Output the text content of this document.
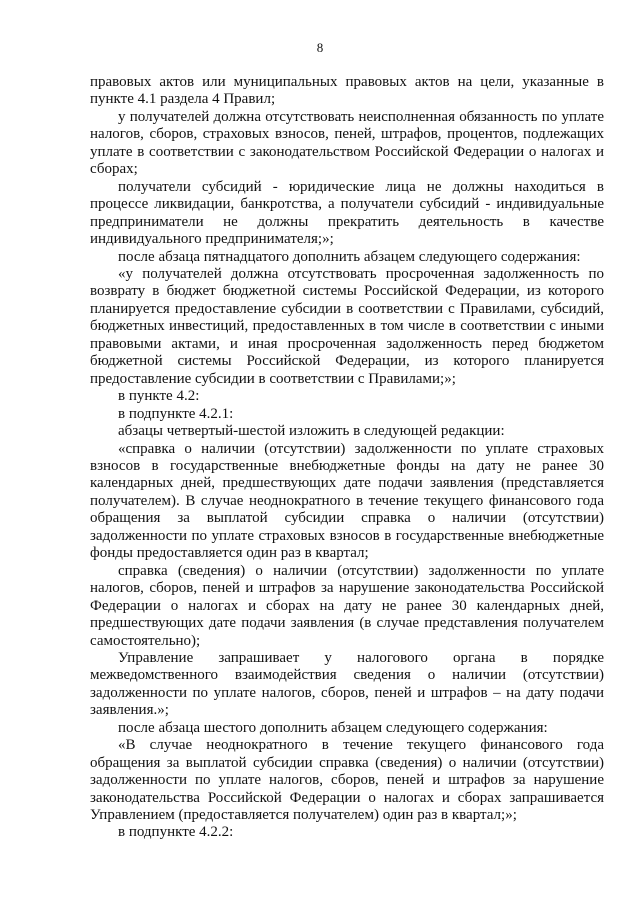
8

правовых актов или муниципальных правовых актов на цели, указанные в пункте 4.1 раздела 4 Правил;

у получателей должна отсутствовать неисполненная обязанность по уплате налогов, сборов, страховых взносов, пеней, штрафов, процентов, подлежащих уплате в соответствии с законодательством Российской Федерации о налогах и сборах;

получатели субсидий - юридические лица не должны находиться в процессе ликвидации, банкротства, а получатели субсидий - индивидуальные предприниматели не должны прекратить деятельность в качестве индивидуального предпринимателя;»;

после абзаца пятнадцатого дополнить абзацем следующего содержания:

«у получателей должна отсутствовать просроченная задолженность по возврату в бюджет бюджетной системы Российской Федерации, из которого планируется предоставление субсидии в соответствии с Правилами, субсидий, бюджетных инвестиций, предоставленных в том числе в соответствии с иными правовыми актами, и иная просроченная задолженность перед бюджетом бюджетной системы Российской Федерации, из которого планируется предоставление субсидии в соответствии с Правилами;»;

в пункте 4.2:

в подпункте 4.2.1:

абзацы четвертый-шестой изложить в следующей редакции:

«справка о наличии (отсутствии) задолженности по уплате страховых взносов в государственные внебюджетные фонды на дату не ранее 30 календарных дней, предшествующих дате подачи заявления (представляется получателем). В случае неоднократного в течение текущего финансового года обращения за выплатой субсидии справка о наличии (отсутствии) задолженности по уплате страховых взносов в государственные внебюджетные фонды предоставляется один раз в квартал;

справка (сведения) о наличии (отсутствии) задолженности по уплате налогов, сборов, пеней и штрафов за нарушение законодательства Российской Федерации о налогах и сборах на дату не ранее 30 календарных дней, предшествующих дате подачи заявления (в случае представления получателем самостоятельно);

Управление запрашивает у налогового органа в порядке межведомственного взаимодействия сведения о наличии (отсутствии) задолженности по уплате налогов, сборов, пеней и штрафов – на дату подачи заявления.»;

после абзаца шестого дополнить абзацем следующего содержания:

«В случае неоднократного в течение текущего финансового года обращения за выплатой субсидии справка (сведения) о наличии (отсутствии) задолженности по уплате налогов, сборов, пеней и штрафов за нарушение законодательства Российской Федерации о налогах и сборах запрашивается Управлением (предоставляется получателем) один раз в квартал;»;

в подпункте 4.2.2:
